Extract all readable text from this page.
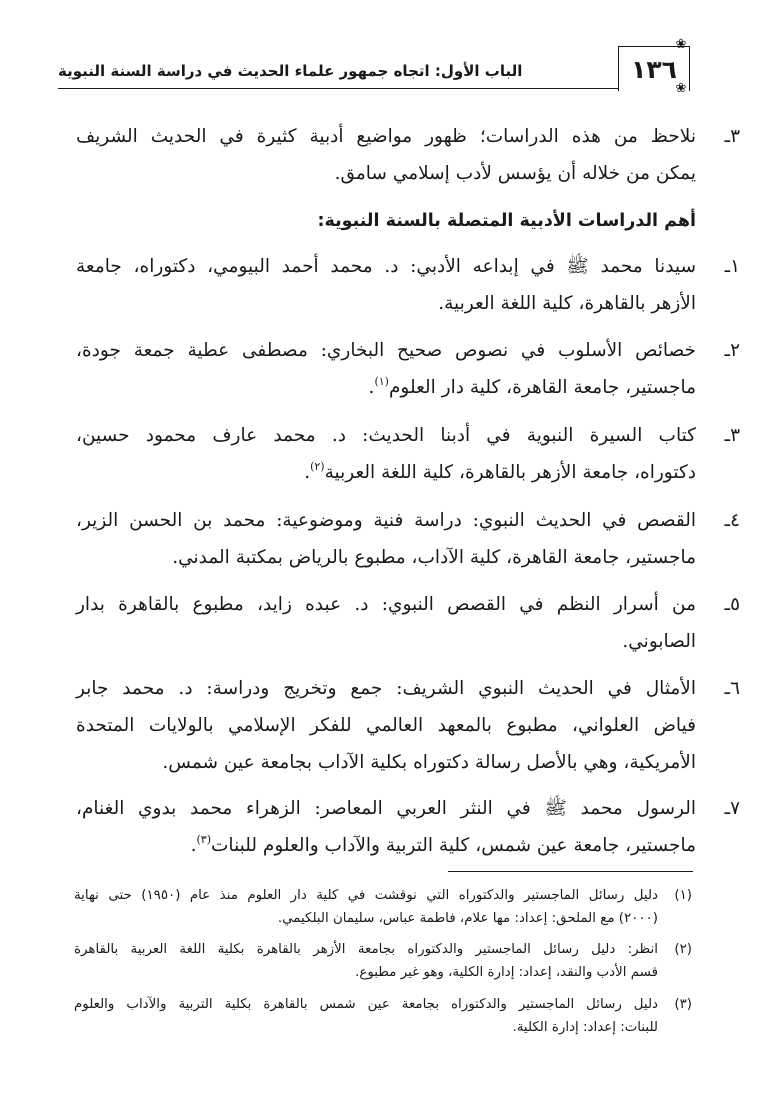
الباب الأول: اتجاه جمهور علماء الحديث في دراسة السنة النبوية	١٣٦
❀
❀
٣ـ
نلاحظ من هذه الدراسات؛ ظهور مواضيع أدبية كثيرة في الحديث الشريف
يمكن من خلاله أن يؤسس لأدب إسلامي سامق.
أهم الدراسات الأدبية المتصلة بالسنة النبوية:
١ـ
سيدنا محمد ﷺ في إبداعه الأدبي: د. محمد أحمد البيومي، دكتوراه، جامعة
الأزهر بالقاهرة، كلية اللغة العربية.
٢ـ
خصائص الأسلوب في نصوص صحيح البخاري: مصطفى عطية جمعة جودة،
ماجستير، جامعة القاهرة، كلية دار العلوم$^{(١)}$.
٣ـ
كتاب السيرة النبوية في أدبنا الحديث: د. محمد عارف محمود حسين،
دكتوراه، جامعة الأزهر بالقاهرة، كلية اللغة العربية$^{(٢)}$.
٤ـ
القصص في الحديث النبوي: دراسة فنية وموضوعية: محمد بن الحسن الزير،
ماجستير، جامعة القاهرة، كلية الآداب، مطبوع بالرياض بمكتبة المدني.
٥ـ
من أسرار النظم في القصص النبوي: د. عبده زايد، مطبوع بالقاهرة بدار
الصابوني.
٦ـ
الأمثال في الحديث النبوي الشريف: جمع وتخريج ودراسة: د. محمد جابر
فياض العلواني، مطبوع بالمعهد العالمي للفكر الإسلامي بالولايات المتحدة
الأمريكية، وهي بالأصل رسالة دكتوراه بكلية الآداب بجامعة عين شمس.
٧ـ
الرسول محمد ﷺ في النثر العربي المعاصر: الزهراء محمد بدوي الغنام،
ماجستير، جامعة عين شمس، كلية التربية والآداب والعلوم للبنات$^{(٣)}$.
(١)
دليل رسائل الماجستير والدكتوراه التي نوقشت في كلية دار العلوم منذ عام (١٩٥٠) حتى نهاية
(٢٠٠٠) مع الملحق: إعداد: مها علام، فاطمة عباس، سليمان البلكيمي.
(٢)
انظر: دليل رسائل الماجستير والدكتوراه بجامعة الأزهر بالقاهرة بكلية اللغة العربية بالقاهرة
قسم الأدب والنقد، إعداد: إدارة الكلية، وهو غير مطبوع.
(٣)
دليل رسائل الماجستير والدكتوراه بجامعة عين شمس بالقاهرة بكلية التربية والآداب والعلوم
للبنات: إعداد: إدارة الكلية.
